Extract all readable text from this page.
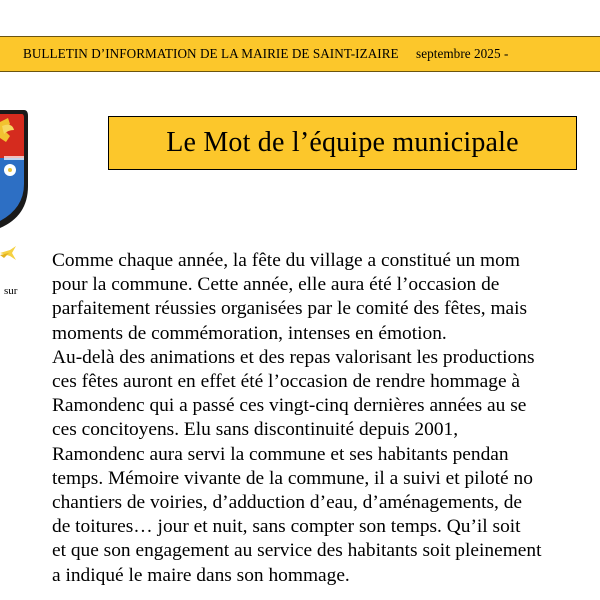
BULLETIN D’INFORMATION DE LA MAIRIE DE SAINT-IZAIRE septembre 2025 -
sur
Le Mot de l’équipe municipale
Comme chaque année, la fête du village a constitué un mom
pour la commune. Cette année, elle aura été l’occasion de
parfaitement réussies organisées par le comité des fêtes, mais
moments de commémoration, intenses en émotion.
Au-delà des animations et des repas valorisant les productions
ces fêtes auront en effet été l’occasion de rendre hommage à
Ramondenc qui a passé ces vingt-cinq dernières années au se
ces concitoyens. Elu sans discontinuité depuis 2001,
Ramondenc aura servi la commune et ses habitants pendan
temps. Mémoire vivante de la commune, il a suivi et piloté no
chantiers de voiries, d’adduction d’eau, d’aménagements, de
de toitures… jour et nuit, sans compter son temps. Qu’il soit
et que son engagement au service des habitants soit pleinement
a indiqué le maire dans son hommage.
